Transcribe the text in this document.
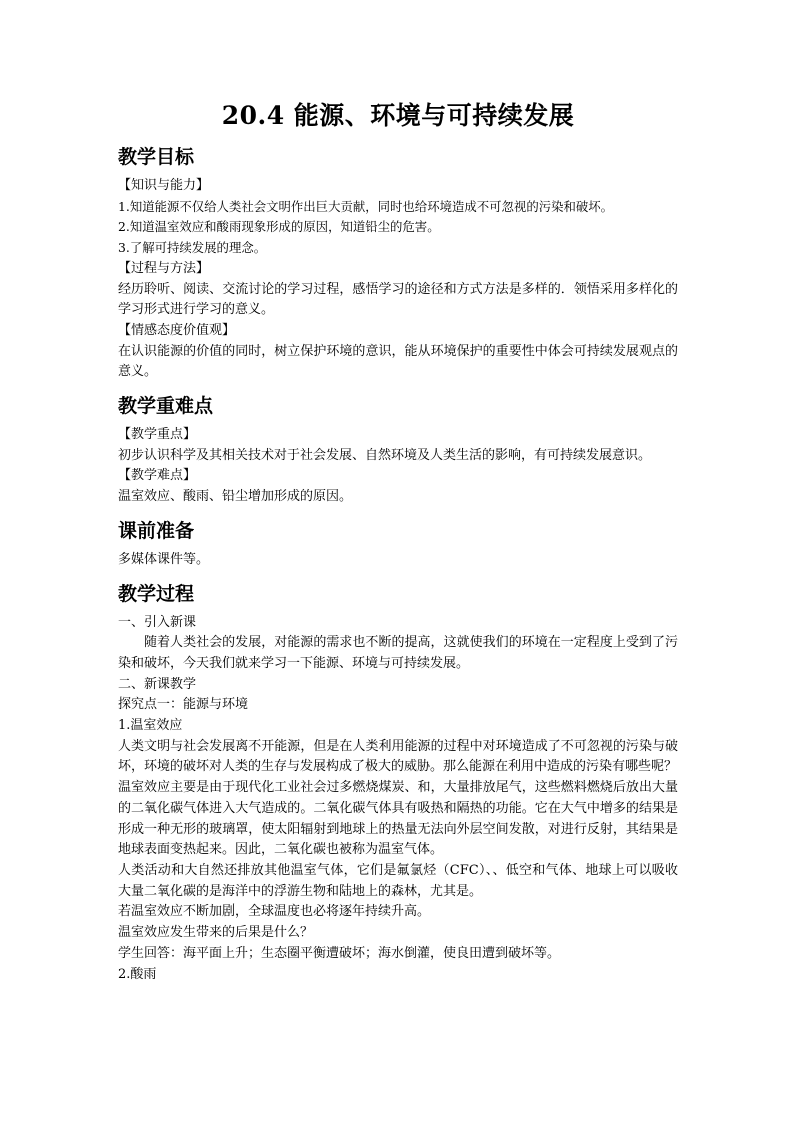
20.4 能源、环境与可持续发展
教学目标

【知识与能力】

1.知道能源不仅给人类社会文明作出巨大贡献，同时也给环境造成不可忽视的污染和破坏。

2.知道温室效应和酸雨现象形成的原因，知道铅尘的危害。

3.了解可持续发展的理念。

【过程与方法】

经历聆听、阅读、交流讨论的学习过程，感悟学习的途径和方式方法是多样的．领悟采用多样化的学习形式进行学习的意义。

【情感态度价值观】

在认识能源的价值的同时，树立保护环境的意识，能从环境保护的重要性中体会可持续发展观点的意义。

教学重难点

【教学重点】

初步认识科学及其相关技术对于社会发展、自然环境及人类生活的影响，有可持续发展意识。

【教学难点】

温室效应、酸雨、铅尘增加形成的原因。

课前准备

多媒体课件等。

教学过程

一、引入新课

随着人类社会的发展，对能源的需求也不断的提高，这就使我们的环境在一定程度上受到了污染和破坏，今天我们就来学习一下能源、环境与可持续发展。

二、新课教学

探究点一：能源与环境

1.温室效应

人类文明与社会发展离不开能源，但是在人类利用能源的过程中对环境造成了不可忽视的污染与破坏，环境的破坏对人类的生存与发展构成了极大的威胁。那么能源在利用中造成的污染有哪些呢？

温室效应主要是由于现代化工业社会过多燃烧煤炭、和，大量排放尾气，这些燃料燃烧后放出大量的二氧化碳气体进入大气造成的。二氧化碳气体具有吸热和隔热的功能。它在大气中增多的结果是形成一种无形的玻璃罩，使太阳辐射到地球上的热量无法向外层空间发散，对进行反射，其结果是地球表面变热起来。因此，二氧化碳也被称为温室气体。

人类活动和大自然还排放其他温室气体，它们是氟氯烃（CFC）、、低空和气体、地球上可以吸收大量二氧化碳的是海洋中的浮游生物和陆地上的森林，尤其是。

若温室效应不断加剧，全球温度也必将逐年持续升高。

温室效应发生带来的后果是什么？

学生回答：海平面上升；生态圈平衡遭破坏；海水倒灌，使良田遭到破坏等。

2.酸雨
